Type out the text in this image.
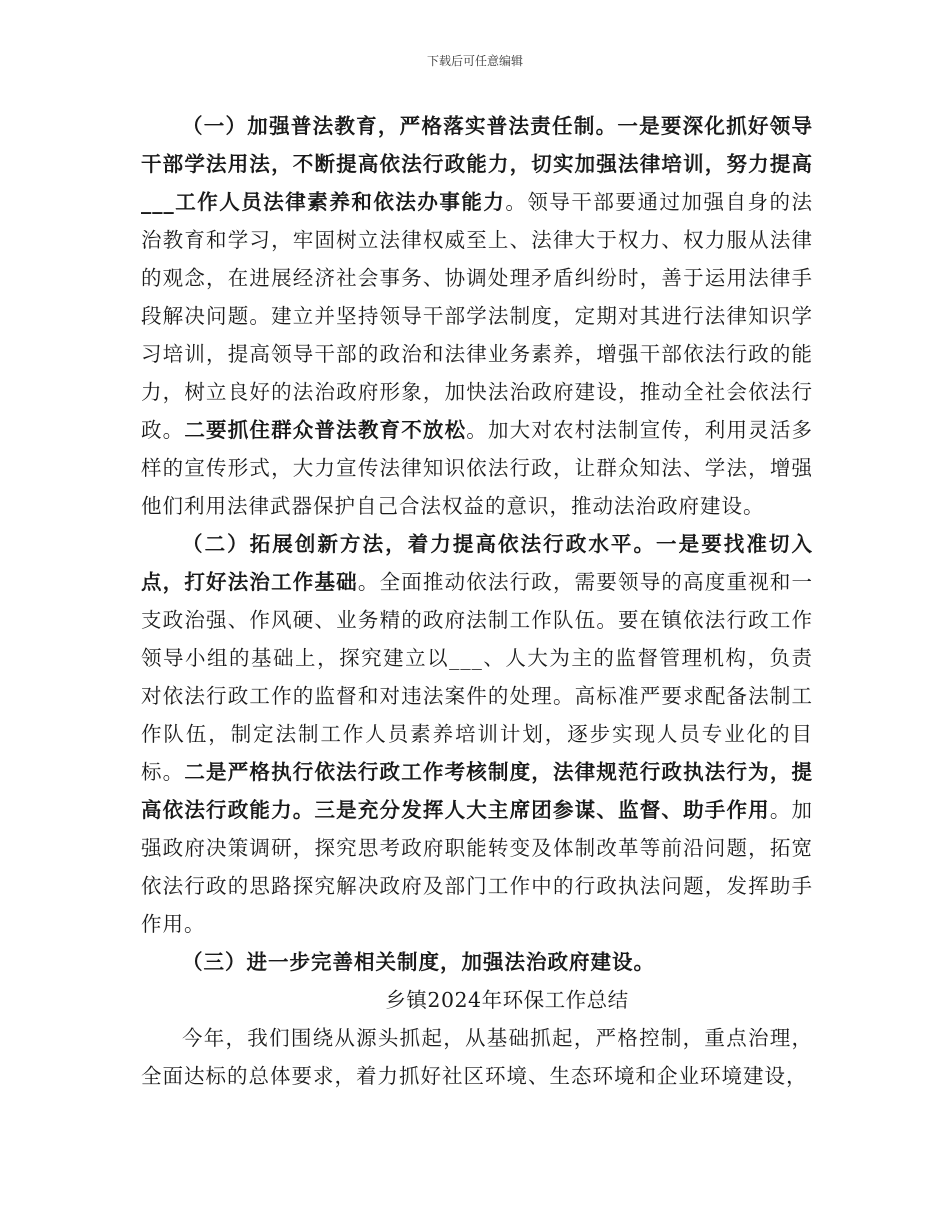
下载后可任意编辑

（一）加强普法教育，严格落实普法责任制。一是要深化抓好领导干部学法用法，不断提高依法行政能力，切实加强法律培训，努力提高___工作人员法律素养和依法办事能力。领导干部要通过加强自身的法治教育和学习，牢固树立法律权威至上、法律大于权力、权力服从法律的观念，在进展经济社会事务、协调处理矛盾纠纷时，善于运用法律手段解决问题。建立并坚持领导干部学法制度，定期对其进行法律知识学习培训，提高领导干部的政治和法律业务素养，增强干部依法行政的能力，树立良好的法治政府形象，加快法治政府建设，推动全社会依法行政。二要抓住群众普法教育不放松。加大对农村法制宣传，利用灵活多样的宣传形式，大力宣传法律知识依法行政，让群众知法、学法，增强他们利用法律武器保护自己合法权益的意识，推动法治政府建设。

（二）拓展创新方法，着力提高依法行政水平。一是要找准切入点，打好法治工作基础。全面推动依法行政，需要领导的高度重视和一支政治强、作风硬、业务精的政府法制工作队伍。要在镇依法行政工作领导小组的基础上，探究建立以___、人大为主的监督管理机构，负责对依法行政工作的监督和对违法案件的处理。高标准严要求配备法制工作队伍，制定法制工作人员素养培训计划，逐步实现人员专业化的目标。二是严格执行依法行政工作考核制度，法律规范行政执法行为，提高依法行政能力。三是充分发挥人大主席团参谋、监督、助手作用。加强政府决策调研，探究思考政府职能转变及体制改革等前沿问题，拓宽依法行政的思路探究解决政府及部门工作中的行政执法问题，发挥助手作用。

（三）进一步完善相关制度，加强法治政府建设。

乡镇2024年环保工作总结

今年，我们围绕从源头抓起，从基础抓起，严格控制，重点治理，全面达标的总体要求，着力抓好社区环境、生态环境和企业环境建设，
